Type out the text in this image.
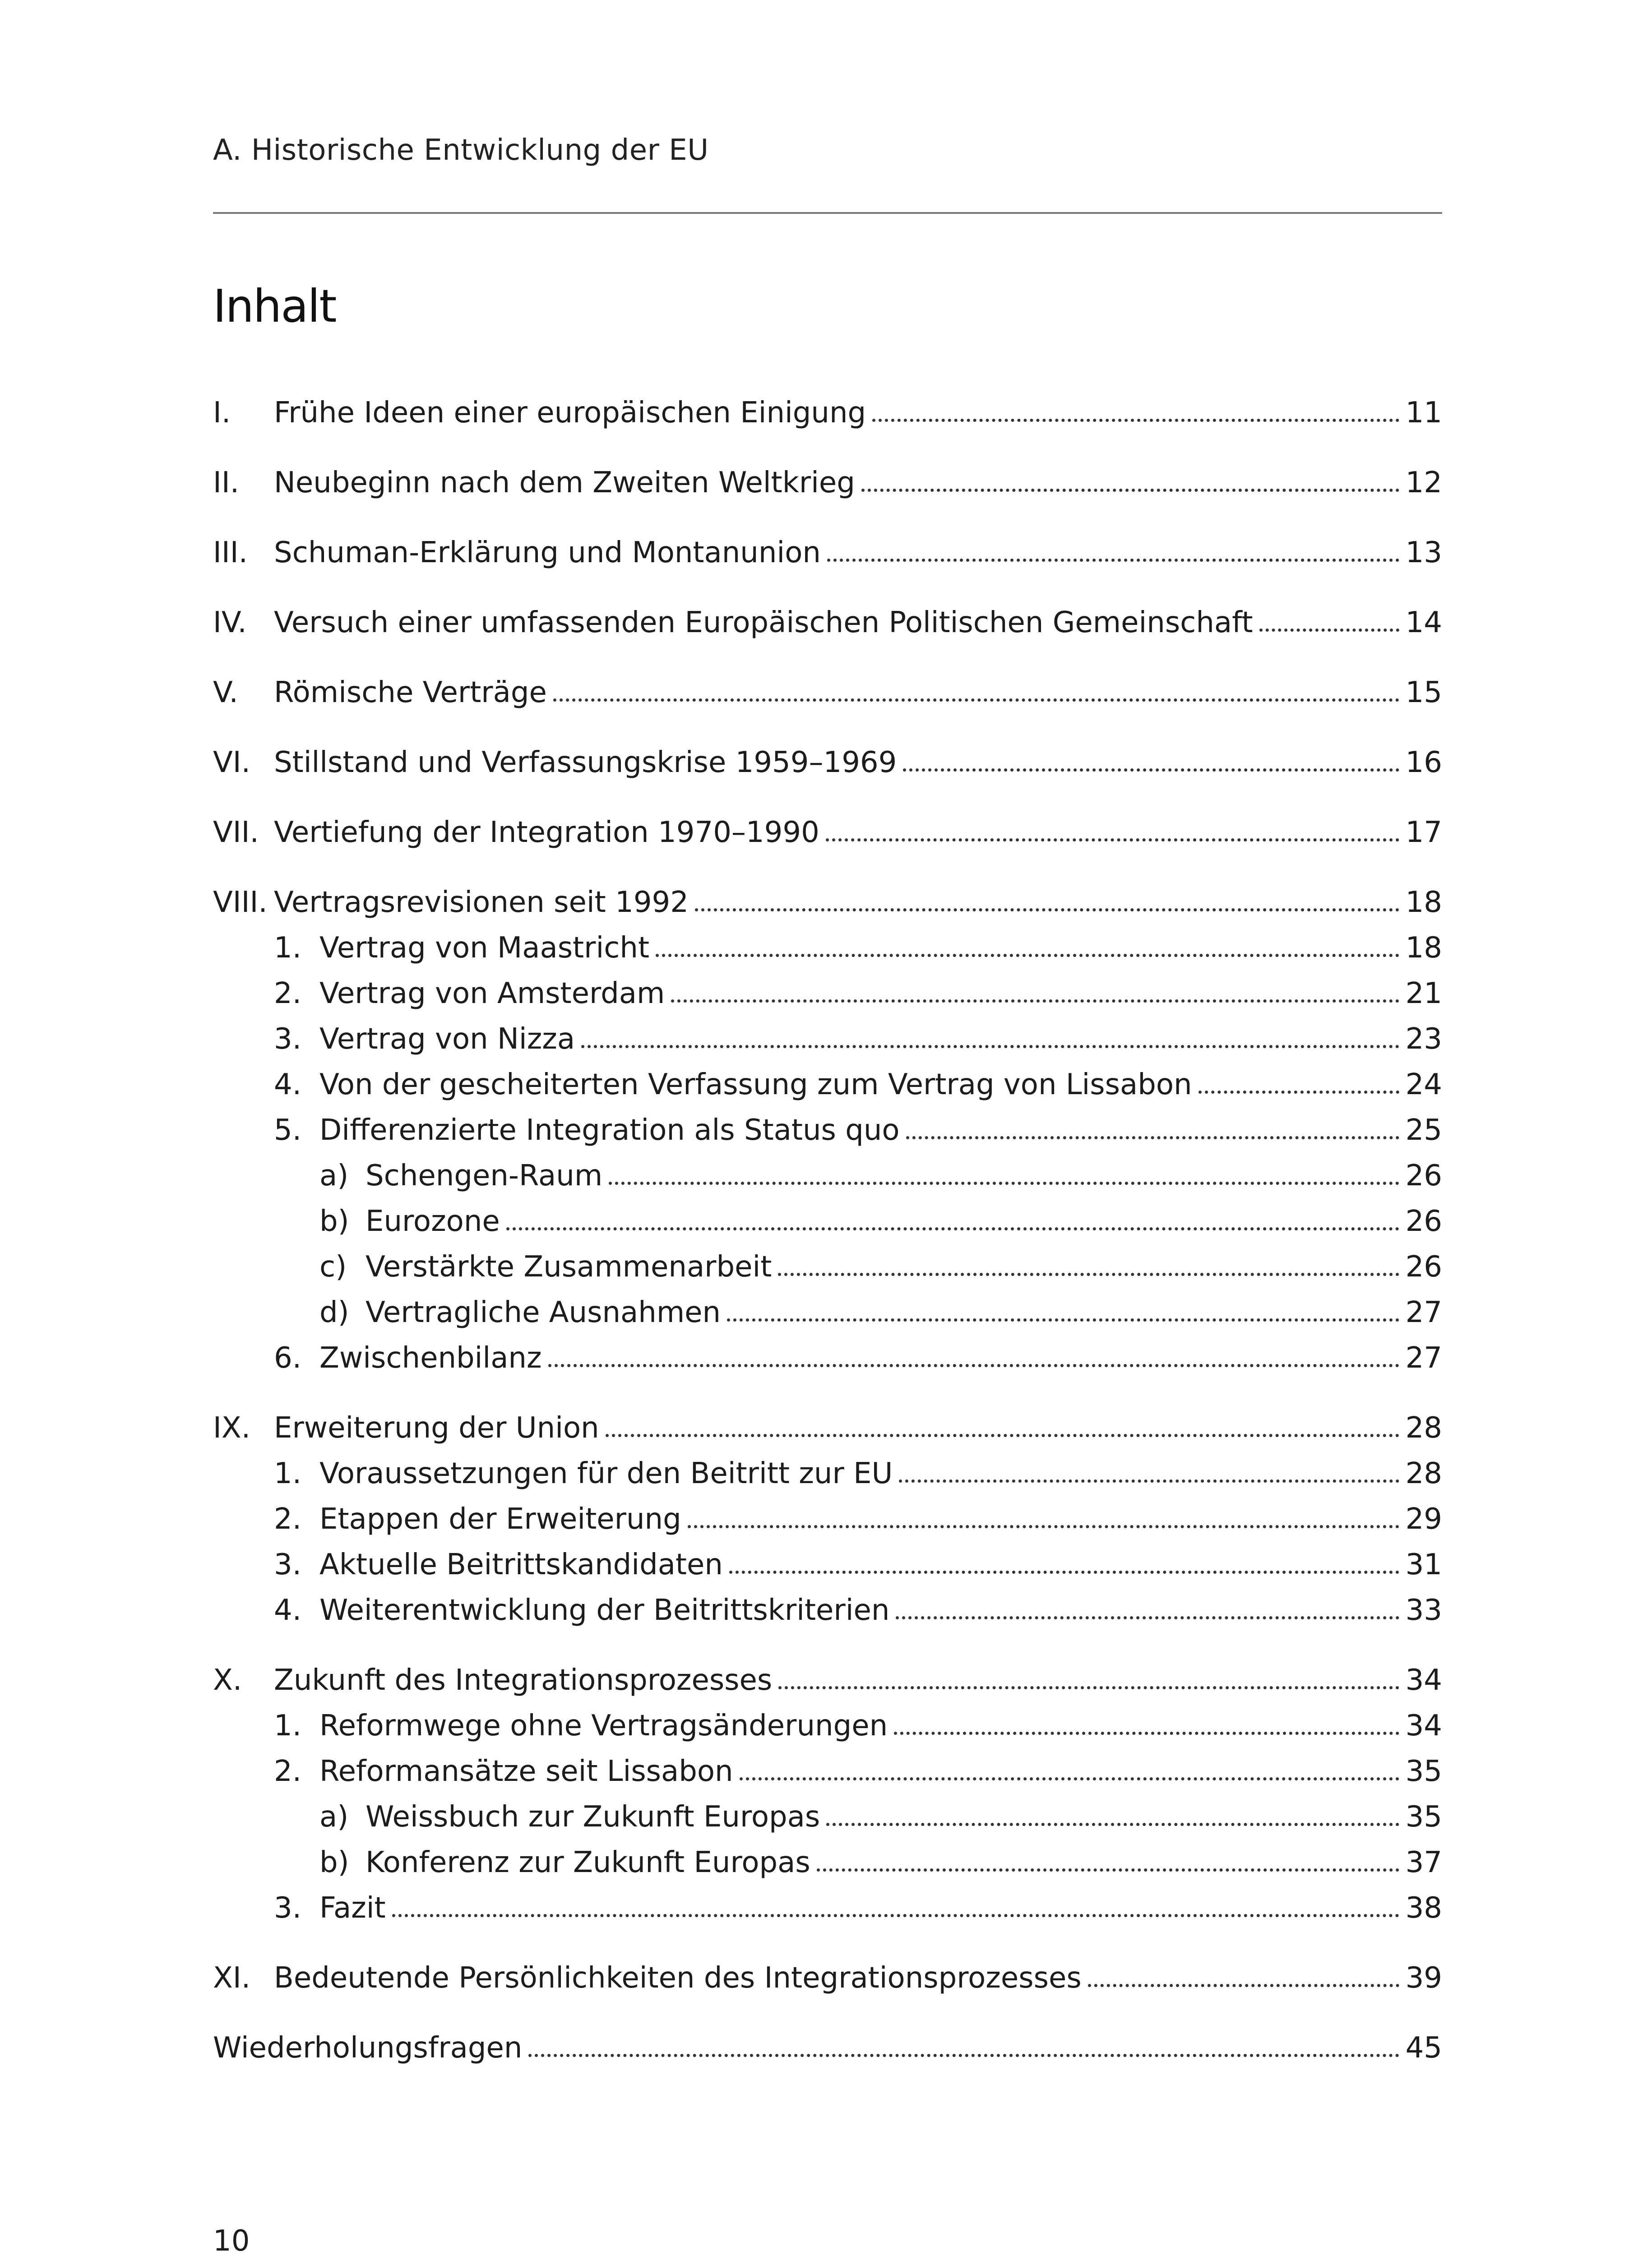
A. Historische Entwicklung der EU
Inhalt
I. Frühe Ideen einer europäischen Einigung	11
II. Neubeginn nach dem Zweiten Weltkrieg	12
III. Schuman-Erklärung und Montanunion	13
IV. Versuch einer umfassenden Europäischen Politischen Gemeinschaft	14
V. Römische Verträge	15
VI. Stillstand und Verfassungskrise 1959–1969	16
VII. Vertiefung der Integration 1970–1990	17
VIII. Vertragsrevisionen seit 1992	18
1. Vertrag von Maastricht	18
2. Vertrag von Amsterdam	21
3. Vertrag von Nizza	23
4. Von der gescheiterten Verfassung zum Vertrag von Lissabon	24
5. Differenzierte Integration als Status quo	25
a) Schengen-Raum	26
b) Eurozone	26
c) Verstärkte Zusammenarbeit	26
d) Vertragliche Ausnahmen	27
6. Zwischenbilanz	27
IX. Erweiterung der Union	28
1. Voraussetzungen für den Beitritt zur EU	28
2. Etappen der Erweiterung	29
3. Aktuelle Beitrittskandidaten	31
4. Weiterentwicklung der Beitrittskriterien	33
X. Zukunft des Integrationsprozesses	34
1. Reformwege ohne Vertragsänderungen	34
2. Reformansätze seit Lissabon	35
a) Weissbuch zur Zukunft Europas	35
b) Konferenz zur Zukunft Europas	37
3. Fazit	38
XI. Bedeutende Persönlichkeiten des Integrationsprozesses	39
Wiederholungsfragen	45
10
